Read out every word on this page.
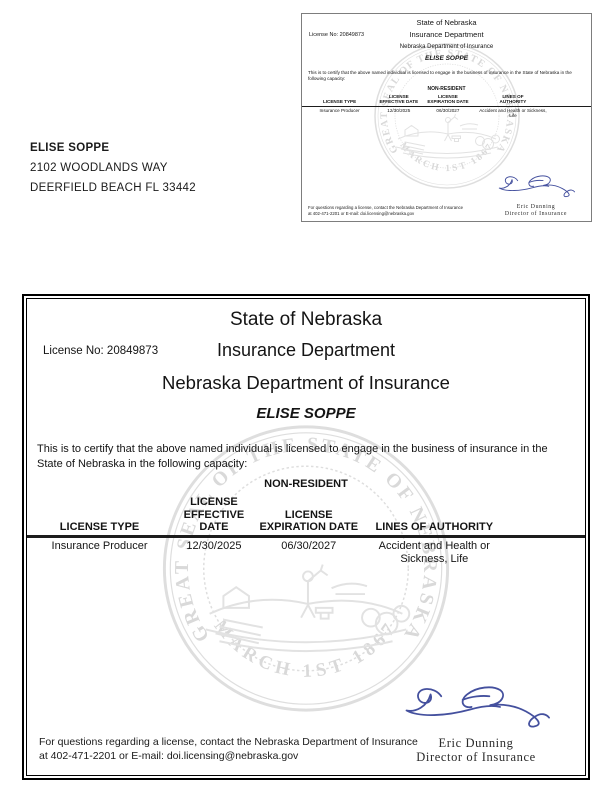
ELISE SOPPE
2102 WOODLANDS WAY
DEERFIELD BEACH FL 33442
State of Nebraska
License No: 20849873	Insurance Department
Nebraska Department of Insurance
ELISE SOPPE
This is to certify that the above named individual is licensed to engage in the business of insurance in the State of Nebraska in the following capacity:
NON-RESIDENT
LICENSE TYPE	LICENSE EFFECTIVE DATE	LICENSE EXPIRATION DATE	LINES OF AUTHORITY	
Insurance Producer	12/30/2025	06/30/2027	Accident and Health or Sickness, Life	
For questions regarding a license, contact the Nebraska Department of Insurance
at 402-471-2201 or E-mail: doi.licensing@nebraska.gov
Eric Dunning
Director of Insurance
State of Nebraska
License No: 20849873	Insurance Department
Nebraska Department of Insurance
ELISE SOPPE
This is to certify that the above named individual is licensed to engage in the business of insurance in the State of Nebraska in the following capacity:
NON-RESIDENT
LICENSE TYPE	LICENSE EFFECTIVE DATE	LICENSE EXPIRATION DATE	LINES OF AUTHORITY	
Insurance Producer	12/30/2025	06/30/2027	Accident and Health or Sickness, Life	
For questions regarding a license, contact the Nebraska Department of Insurance
at 402-471-2201 or E-mail: doi.licensing@nebraska.gov
Eric Dunning
Director of Insurance
